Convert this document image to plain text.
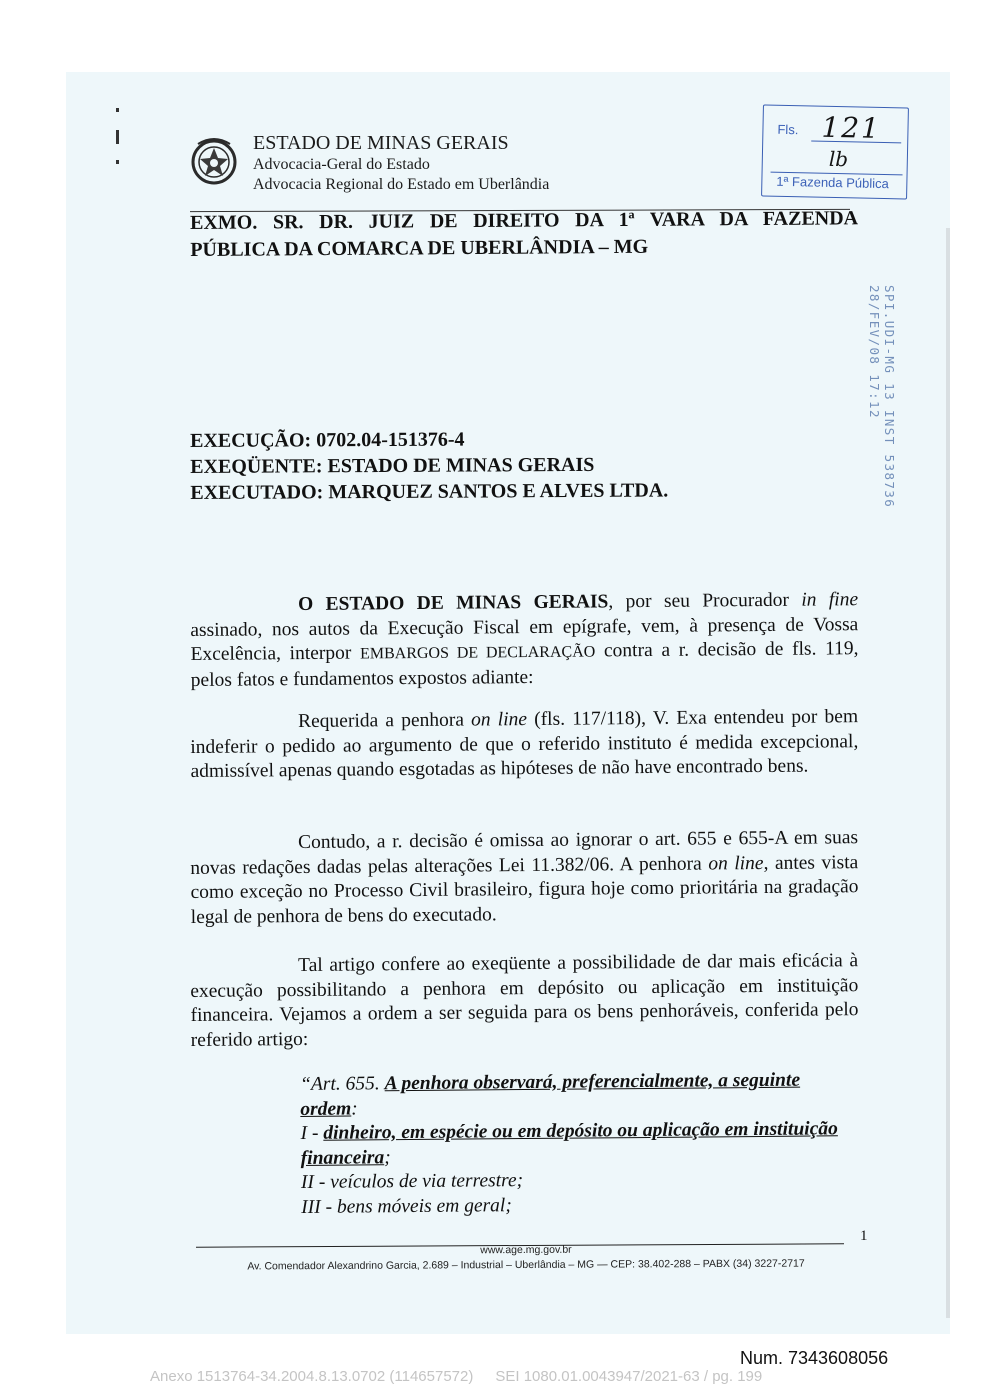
ESTADO DE MINAS GERAIS
Advocacia-Geral do Estado
Advocacia Regional do Estado em Uberlândia
Fls. 121
lb
1ª Fazenda Pública
EXMO. SR. DR. JUIZ DE DIREITO DA 1ª VARA DA FAZENDA
PÚBLICA DA COMARCA DE UBERLÂNDIA – MG
SPI.UDI-MG 13 INST 538736 28/FEV/08 17:12
EXECUÇÃO: 0702.04-151376-4
EXEQÜENTE: ESTADO DE MINAS GERAIS
EXECUTADO: MARQUEZ SANTOS E ALVES LTDA.
O ESTADO DE MINAS GERAIS, por seu Procurador in fine assinado, nos autos da Execução Fiscal em epígrafe, vem, à presença de Vossa Excelência, interpor EMBARGOS DE DECLARAÇÃO contra a r. decisão de fls. 119, pelos fatos e fundamentos expostos adiante:
Requerida a penhora on line (fls. 117/118), V. Exa entendeu por bem indeferir o pedido ao argumento de que o referido instituto é medida excepcional, admissível apenas quando esgotadas as hipóteses de não have encontrado bens.
Contudo, a r. decisão é omissa ao ignorar o art. 655 e 655-A em suas novas redações dadas pelas alterações Lei 11.382/06. A penhora on line, antes vista como exceção no Processo Civil brasileiro, figura hoje como prioritária na gradação legal de penhora de bens do executado.
Tal artigo confere ao exeqüente a possibilidade de dar mais eficácia à execução possibilitando a penhora em depósito ou aplicação em instituição financeira. Vejamos a ordem a ser seguida para os bens penhoráveis, conferida pelo referido artigo:
“Art. 655. A penhora observará, preferencialmente, a seguinte ordem:
I - dinheiro, em espécie ou em depósito ou aplicação em instituição financeira;
II - veículos de via terrestre;
III - bens móveis em geral;
1
www.age.mg.gov.br
Av. Comendador Alexandrino Garcia, 2.689 – Industrial – Uberlândia – MG — CEP: 38.402-288 – PABX (34) 3227-2717
Num. 7343608056
Anexo 1513764-34.2004.8.13.0702 (114657572) SEI 1080.01.0043947/2021-63 / pg. 199
